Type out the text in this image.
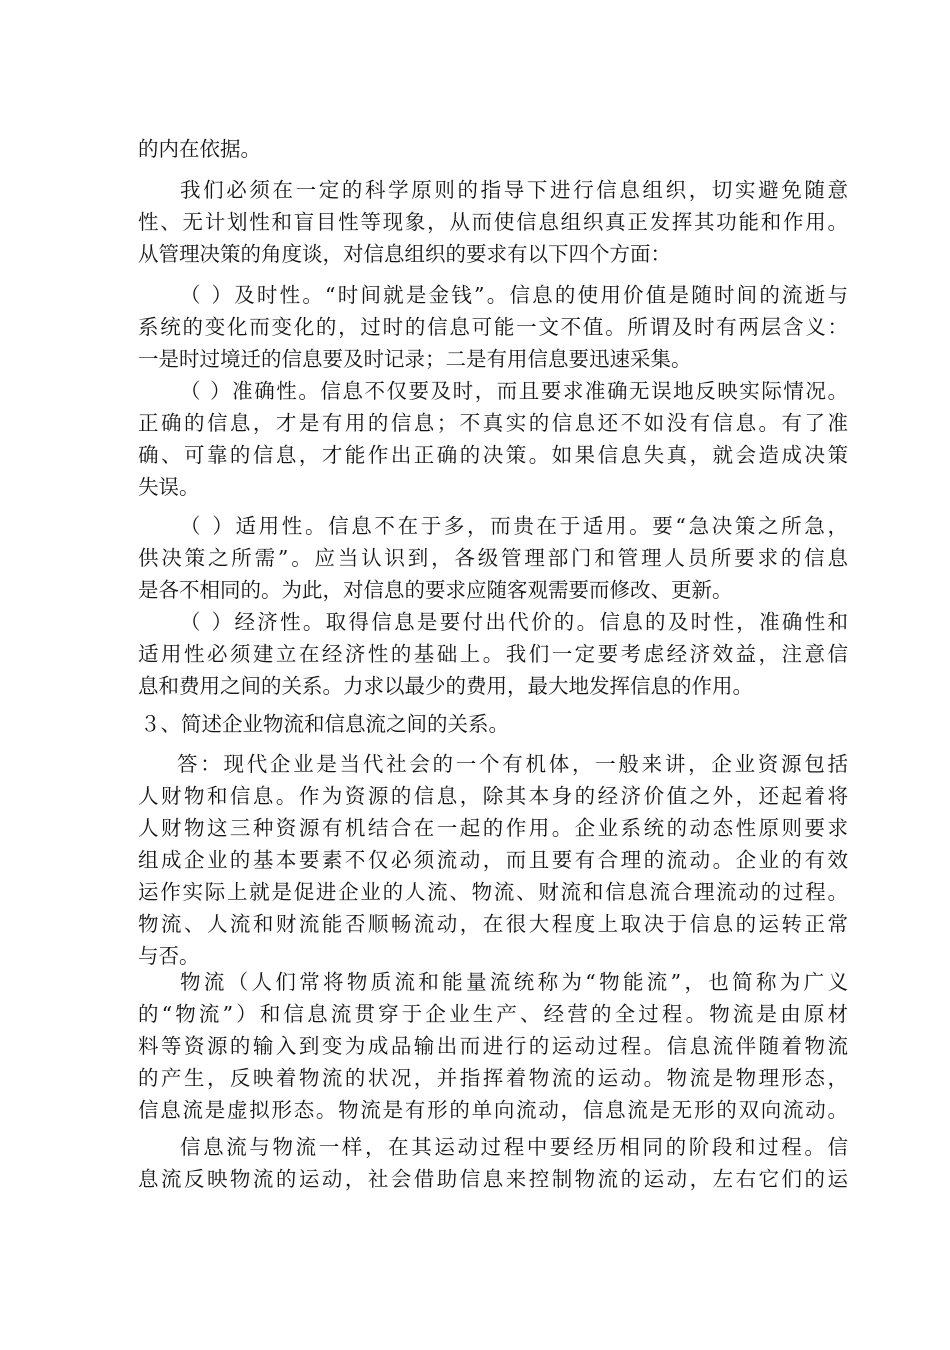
的内在依据。
我们必须在一定的科学原则的指导下进行信息组织，切实避免随意
性、无计划性和盲目性等现象，从而使信息组织真正发挥其功能和作用。
从管理决策的角度谈，对信息组织的要求有以下四个方面：
（ ）及时性。“时间就是金钱”。信息的使用价值是随时间的流逝与
系统的变化而变化的，过时的信息可能一文不值。所谓及时有两层含义：
一是时过境迁的信息要及时记录；二是有用信息要迅速采集。
（ ）准确性。信息不仅要及时，而且要求准确无误地反映实际情况。
正确的信息，才是有用的信息；不真实的信息还不如没有信息。有了准
确、可靠的信息，才能作出正确的决策。如果信息失真，就会造成决策
失误。
（ ）适用性。信息不在于多，而贵在于适用。要“急决策之所急，
供决策之所需”。应当认识到，各级管理部门和管理人员所要求的信息
是各不相同的。为此，对信息的要求应随客观需要而修改、更新。
（ ）经济性。取得信息是要付出代价的。信息的及时性，准确性和
适用性必须建立在经济性的基础上。我们一定要考虑经济效益，注意信
息和费用之间的关系。力求以最少的费用，最大地发挥信息的作用。
３、简述企业物流和信息流之间的关系。
答：现代企业是当代社会的一个有机体，一般来讲，企业资源包括
人财物和信息。作为资源的信息，除其本身的经济价值之外，还起着将
人财物这三种资源有机结合在一起的作用。企业系统的动态性原则要求
组成企业的基本要素不仅必须流动，而且要有合理的流动。企业的有效
运作实际上就是促进企业的人流、物流、财流和信息流合理流动的过程。
物流、人流和财流能否顺畅流动，在很大程度上取决于信息的运转正常
与否。
物流（人们常将物质流和能量流统称为“物能流”，也简称为广义
的“物流”）和信息流贯穿于企业生产、经营的全过程。物流是由原材
料等资源的输入到变为成品输出而进行的运动过程。信息流伴随着物流
的产生，反映着物流的状况，并指挥着物流的运动。物流是物理形态，
信息流是虚拟形态。物流是有形的单向流动，信息流是无形的双向流动。
信息流与物流一样，在其运动过程中要经历相同的阶段和过程。信
息流反映物流的运动，社会借助信息来控制物流的运动，左右它们的运
